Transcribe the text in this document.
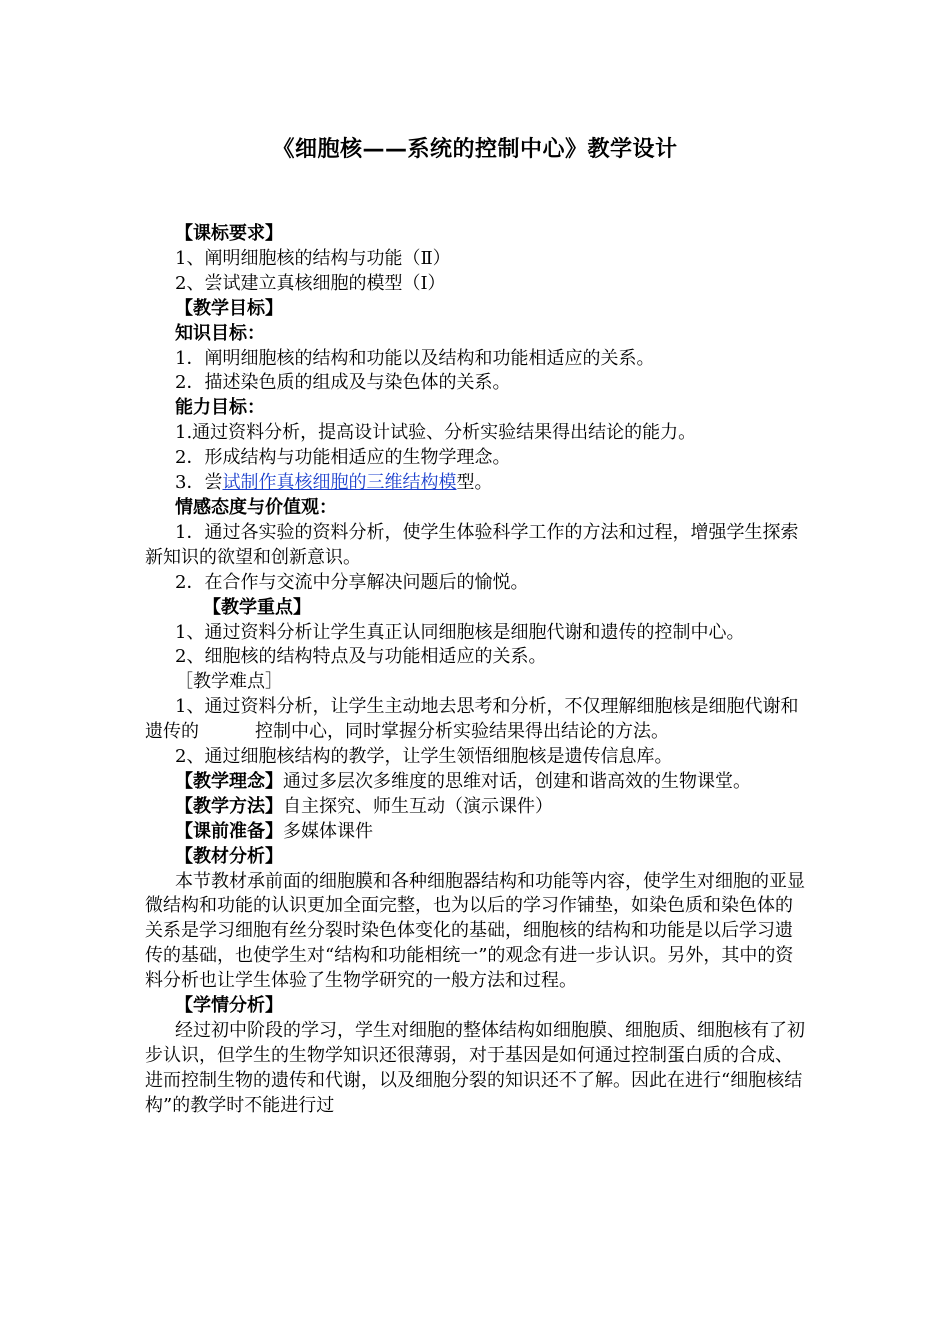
《细胞核——系统的控制中心》教学设计

【课标要求】

1、阐明细胞核的结构与功能（Ⅱ）

2、尝试建立真核细胞的模型（Ⅰ）

【教学目标】

知识目标：

1．阐明细胞核的结构和功能以及结构和功能相适应的关系。

2．描述染色质的组成及与染色体的关系。

能力目标：

1.通过资料分析，提高设计试验、分析实验结果得出结论的能力。

2．形成结构与功能相适应的生物学理念。

3．尝试制作真核细胞的三维结构模型。

情感态度与价值观：

1．通过各实验的资料分析，使学生体验科学工作的方法和过程，增强学生探索新知识的欲望和创新意识。

2．在合作与交流中分享解决问题后的愉悦。

【教学重点】

1、通过资料分析让学生真正认同细胞核是细胞代谢和遗传的控制中心。

2、细胞核的结构特点及与功能相适应的关系。

［教学难点］

1、通过资料分析，让学生主动地去思考和分析，不仅理解细胞核是细胞代谢和遗传的	控制中心，同时掌握分析实验结果得出结论的方法。

2、通过细胞核结构的教学，让学生领悟细胞核是遗传信息库。

【教学理念】通过多层次多维度的思维对话，创建和谐高效的生物课堂。

【教学方法】自主探究、师生互动（演示课件）

【课前准备】多媒体课件

【教材分析】

本节教材承前面的细胞膜和各种细胞器结构和功能等内容，使学生对细胞的亚显微结构和功能的认识更加全面完整，也为以后的学习作铺垫，如染色质和染色体的关系是学习细胞有丝分裂时染色体变化的基础，细胞核的结构和功能是以后学习遗传的基础，也使学生对“结构和功能相统一”的观念有进一步认识。另外，其中的资料分析也让学生体验了生物学研究的一般方法和过程。

【学情分析】

经过初中阶段的学习，学生对细胞的整体结构如细胞膜、细胞质、细胞核有了初步认识，但学生的生物学知识还很薄弱，对于基因是如何通过控制蛋白质的合成、进而控制生物的遗传和代谢，以及细胞分裂的知识还不了解。因此在进行“细胞核结构”的教学时不能进行过
